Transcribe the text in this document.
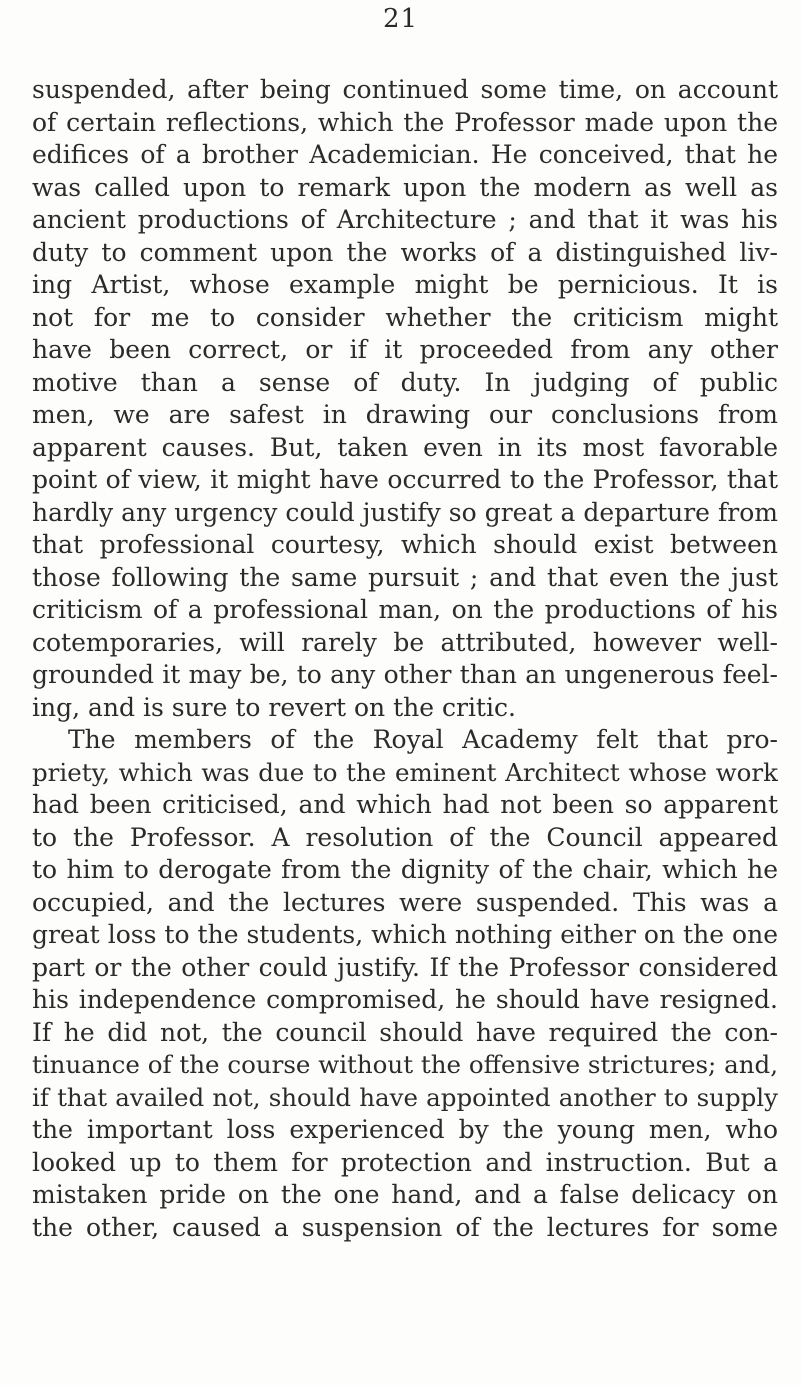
21
suspended, after being continued some time, on account
of certain reflections, which the Professor made upon the
edifices of a brother Academician. He conceived, that he
was called upon to remark upon the modern as well as
ancient productions of Architecture ; and that it was his
duty to comment upon the works of a distinguished liv-
ing Artist, whose example might be pernicious. It is
not for me to consider whether the criticism might
have been correct, or if it proceeded from any other
motive than a sense of duty. In judging of public
men, we are safest in drawing our conclusions from
apparent causes. But, taken even in its most favorable
point of view, it might have occurred to the Professor, that
hardly any urgency could justify so great a departure from
that professional courtesy, which should exist between
those following the same pursuit ; and that even the just
criticism of a professional man, on the productions of his
cotemporaries, will rarely be attributed, however well-
grounded it may be, to any other than an ungenerous feel-
ing, and is sure to revert on the critic.
The members of the Royal Academy felt that pro-
priety, which was due to the eminent Architect whose work
had been criticised, and which had not been so apparent
to the Professor. A resolution of the Council appeared
to him to derogate from the dignity of the chair, which he
occupied, and the lectures were suspended. This was a
great loss to the students, which nothing either on the one
part or the other could justify. If the Professor considered
his independence compromised, he should have resigned.
If he did not, the council should have required the con-
tinuance of the course without the offensive strictures; and,
if that availed not, should have appointed another to supply
the important loss experienced by the young men, who
looked up to them for protection and instruction. But a
mistaken pride on the one hand, and a false delicacy on
the other, caused a suspension of the lectures for some
